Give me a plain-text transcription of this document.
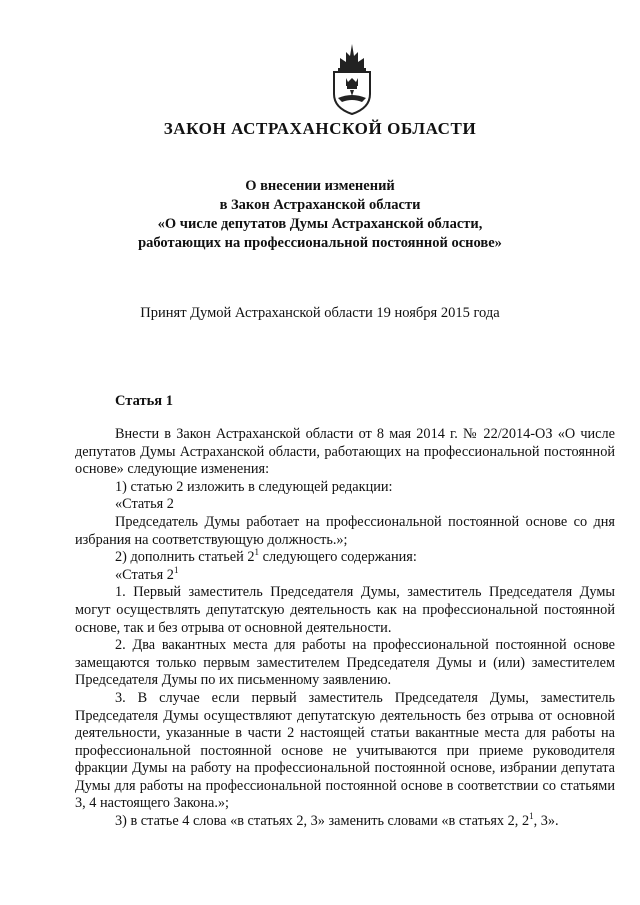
ЗАКОН АСТРАХАНСКОЙ ОБЛАСТИ
О внесении изменений
в Закон Астраханской области
«О числе депутатов Думы Астраханской области,
работающих на профессиональной постоянной основе»
Принят Думой Астраханской области 19 ноября 2015 года
Статья 1

Внести в Закон Астраханской области от 8 мая 2014 г. № 22/2014-ОЗ «О числе депутатов Думы Астраханской области, работающих на профессиональной постоянной основе» следующие изменения:

1) статью 2 изложить в следующей редакции:

«Статья 2

Председатель Думы работает на профессиональной постоянной основе со дня избрания на соответствующую должность.»;

2) дополнить статьей $2^1$ следующего содержания:

«Статья $2^1$

1. Первый заместитель Председателя Думы, заместитель Председателя Думы могут осуществлять депутатскую деятельность как на профессиональной постоянной основе, так и без отрыва от основной деятельности.

2. Два вакантных места для работы на профессиональной постоянной основе замещаются только первым заместителем Председателя Думы и (или) заместителем Председателя Думы по их письменному заявлению.

3. В случае если первый заместитель Председателя Думы, заместитель Председателя Думы осуществляют депутатскую деятельность без отрыва от основной деятельности, указанные в части 2 настоящей статьи вакантные места для работы на профессиональной постоянной основе не учитываются при приеме руководителя фракции Думы на работу на профессиональной постоянной основе, избрании депутата Думы для работы на профессиональной постоянной основе в соответствии со статьями 3, 4 настоящего Закона.»;

3) в статье 4 слова «в статьях 2, 3» заменить словами «в статьях 2, $2^1$, 3».
